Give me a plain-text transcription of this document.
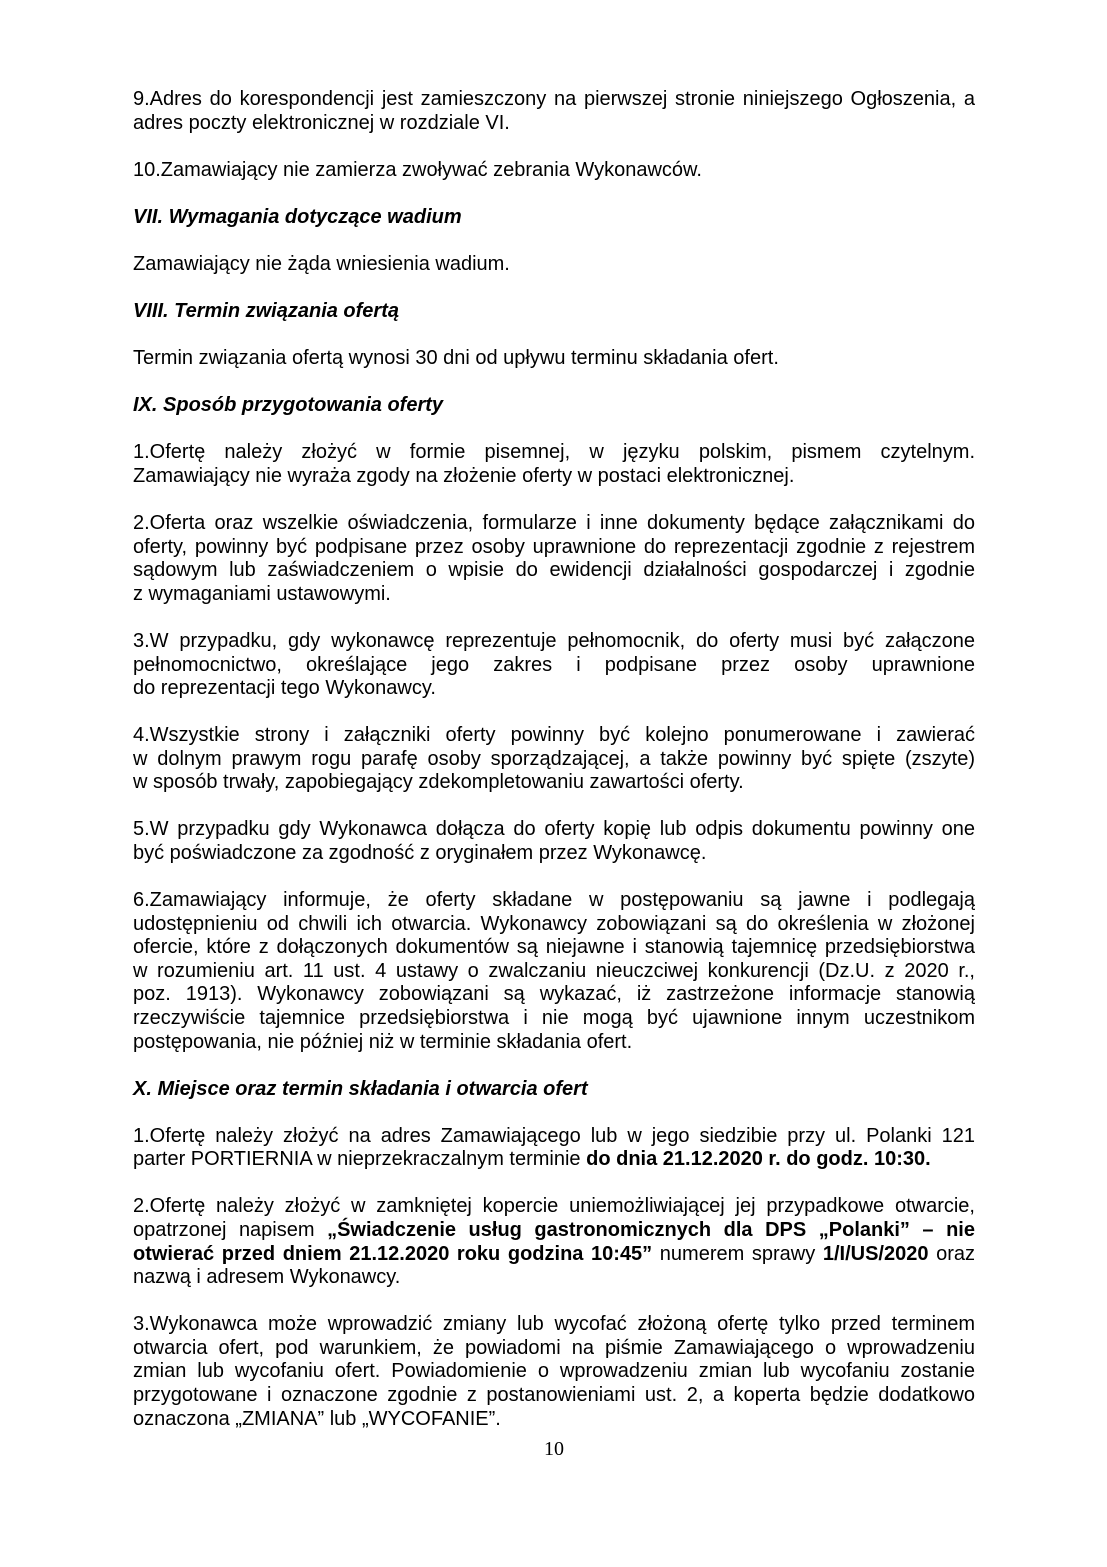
9.Adres do korespondencji jest zamieszczony na pierwszej stronie niniejszego Ogłoszenia, a
adres poczty elektronicznej w rozdziale VI.
10.Zamawiający nie zamierza zwoływać zebrania Wykonawców.
VII. Wymagania dotyczące wadium
Zamawiający nie żąda wniesienia wadium.
VIII. Termin związania ofertą
Termin związania ofertą wynosi 30 dni od upływu terminu składania ofert.
IX. Sposób przygotowania oferty
1.Ofertę należy złożyć w formie pisemnej, w języku polskim, pismem czytelnym.
Zamawiający nie wyraża zgody na złożenie oferty w postaci elektronicznej.
2.Oferta oraz wszelkie oświadczenia, formularze i inne dokumenty będące załącznikami do
oferty, powinny być podpisane przez osoby uprawnione do reprezentacji zgodnie z rejestrem
sądowym lub zaświadczeniem o wpisie do ewidencji działalności gospodarczej i zgodnie
z wymaganiami ustawowymi.
3.W przypadku, gdy wykonawcę reprezentuje pełnomocnik, do oferty musi być załączone
pełnomocnictwo, określające jego zakres i podpisane przez osoby uprawnione
do reprezentacji tego Wykonawcy.
4.Wszystkie strony i załączniki oferty powinny być kolejno ponumerowane i zawierać
w dolnym prawym rogu parafę osoby sporządzającej, a także powinny być spięte (zszyte)
w sposób trwały, zapobiegający zdekompletowaniu zawartości oferty.
5.W przypadku gdy Wykonawca dołącza do oferty kopię lub odpis dokumentu powinny one
być poświadczone za zgodność z oryginałem przez Wykonawcę.
6.Zamawiający informuje, że oferty składane w postępowaniu są jawne i podlegają
udostępnieniu od chwili ich otwarcia. Wykonawcy zobowiązani są do określenia w złożonej
ofercie, które z dołączonych dokumentów są niejawne i stanowią tajemnicę przedsiębiorstwa
w rozumieniu art. 11 ust. 4 ustawy o zwalczaniu nieuczciwej konkurencji (Dz.U. z 2020 r.,
poz. 1913). Wykonawcy zobowiązani są wykazać, iż zastrzeżone informacje stanowią
rzeczywiście tajemnice przedsiębiorstwa i nie mogą być ujawnione innym uczestnikom
postępowania, nie później niż w terminie składania ofert.
X. Miejsce oraz termin składania i otwarcia ofert
1.Ofertę należy złożyć na adres Zamawiającego lub w jego siedzibie przy ul. Polanki 121
parter PORTIERNIA w nieprzekraczalnym terminie do dnia 21.12.2020 r. do godz. 10:30.
2.Ofertę należy złożyć w zamkniętej kopercie uniemożliwiającej jej przypadkowe otwarcie,
opatrzonej napisem „Świadczenie usług gastronomicznych dla DPS „Polanki” – nie
otwierać przed dniem 21.12.2020 roku godzina 10:45” numerem sprawy 1/I/US/2020 oraz
nazwą i adresem Wykonawcy.
3.Wykonawca może wprowadzić zmiany lub wycofać złożoną ofertę tylko przed terminem
otwarcia ofert, pod warunkiem, że powiadomi na piśmie Zamawiającego o wprowadzeniu
zmian lub wycofaniu ofert. Powiadomienie o wprowadzeniu zmian lub wycofaniu zostanie
przygotowane i oznaczone zgodnie z postanowieniami ust. 2, a koperta będzie dodatkowo
oznaczona „ZMIANA” lub „WYCOFANIE”.
10
